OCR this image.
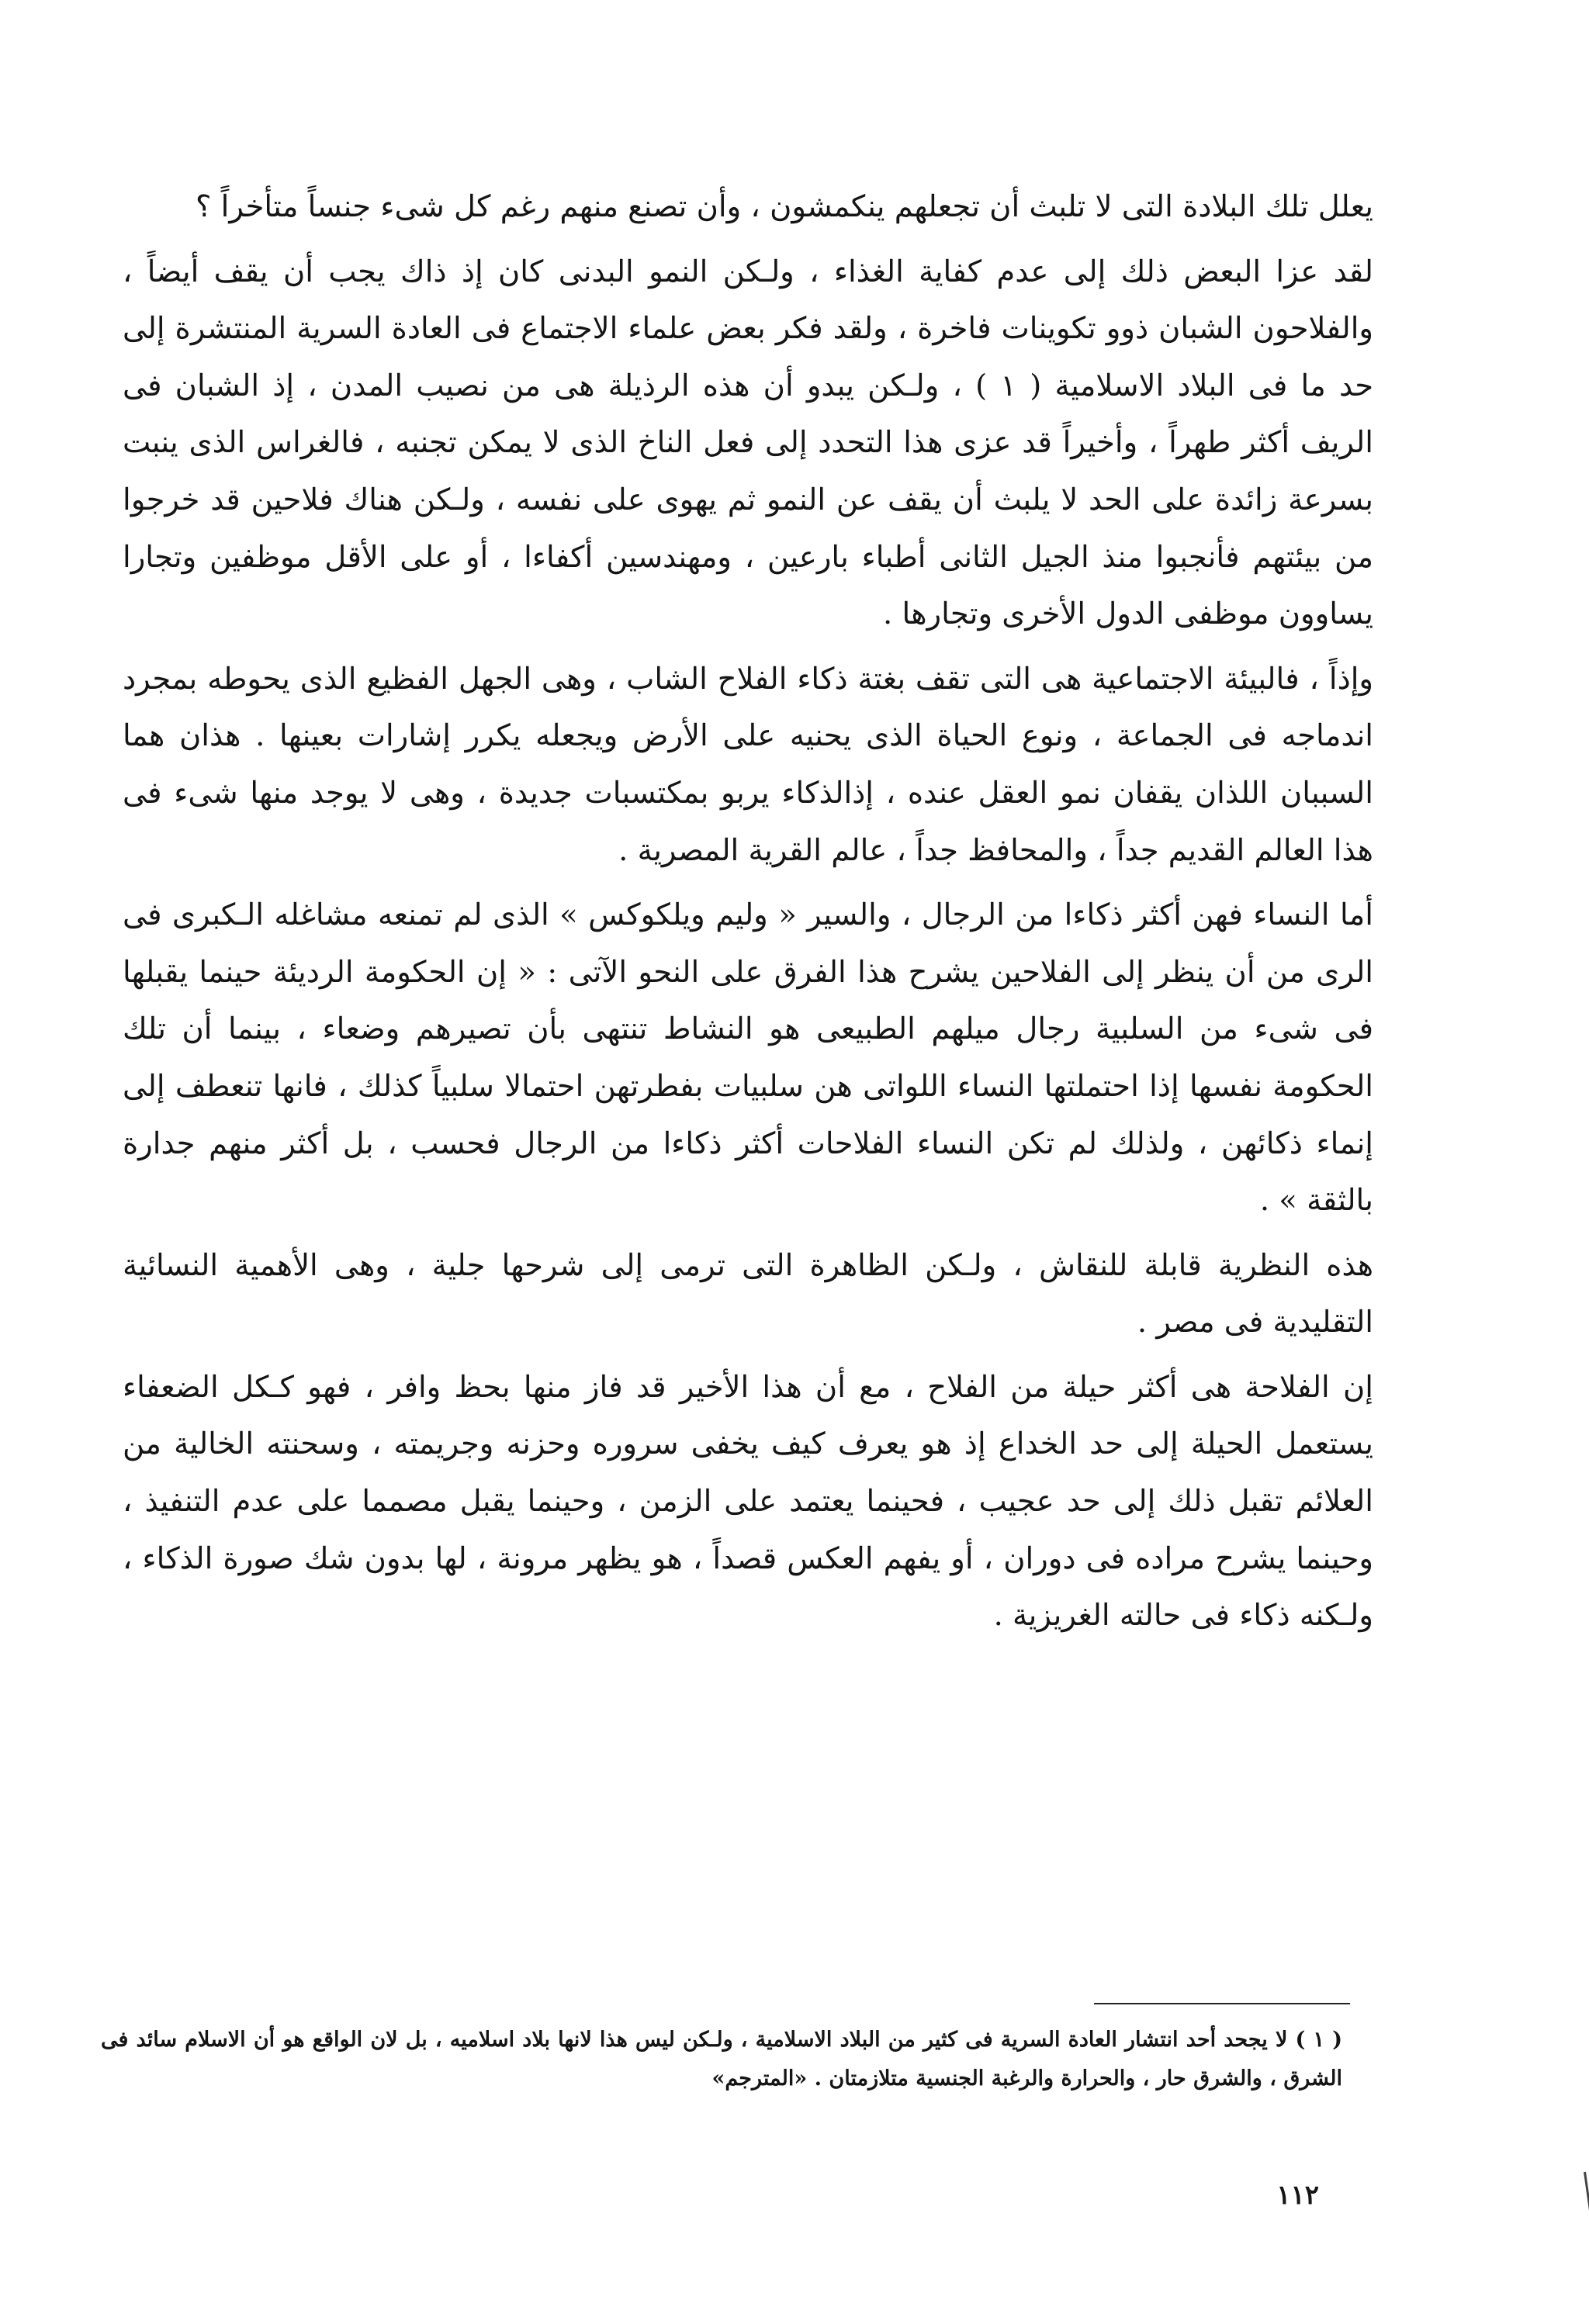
يعلل تلك البلادة التى لا تلبث أن تجعلهم ينكمشون ، وأن تصنع منهم رغم كل شىء جنساً متأخراً ؟

لقد عزا البعض ذلك إلى عدم كفاية الغذاء ، ولـكن النمو البدنى كان إذ ذاك يجب أن يقف أيضاً ، والفلاحون الشبان ذوو تكوينات فاخرة ، ولقد فكر بعض علماء الاجتماع فى العادة السرية المنتشرة إلى حد ما فى البلاد الاسلامية ( ١ ) ، ولـكن يبدو أن هذه الرذيلة هى من نصيب المدن ، إذ الشبان فى الريف أكثر طهراً ، وأخيراً قد عزى هذا التحدد إلى فعل الناخ الذى لا يمكن تجنبه ، فالغراس الذى ينبت بسرعة زائدة على الحد لا يلبث أن يقف عن النمو ثم يهوى على نفسه ، ولـكن هناك فلاحين قد خرجوا من بيئتهم فأنجبوا منذ الجيل الثانى أطباء بارعين ، ومهندسين أكفاءا ، أو على الأقل موظفين وتجارا يساوون موظفى الدول الأخرى وتجارها .

وإذاً ، فالبيئة الاجتماعية هى التى تقف بغتة ذكاء الفلاح الشاب ، وهى الجهل الفظيع الذى يحوطه بمجرد اندماجه فى الجماعة ، ونوع الحياة الذى يحنيه على الأرض ويجعله يكرر إشارات بعينها . هذان هما السببان اللذان يقفان نمو العقل عنده ، إذالذكاء يربو بمكتسبات جديدة ، وهى لا يوجد منها شىء فى هذا العالم القديم جداً ، والمحافظ جداً ، عالم القرية المصرية .

أما النساء فهن أكثر ذكاءا من الرجال ، والسير « وليم ويلكوكس » الذى لم تمنعه مشاغله الـكبرى فى الرى من أن ينظر إلى الفلاحين يشرح هذا الفرق على النحو الآتى : « إن الحكومة الرديئة حينما يقبلها فى شىء من السلبية رجال ميلهم الطبيعى هو النشاط تنتهى بأن تصيرهم وضعاء ، بينما أن تلك الحكومة نفسها إذا احتملتها النساء اللواتى هن سلبيات بفطرتهن احتمالا سلبياً كذلك ، فانها تنعطف إلى إنماء ذكائهن ، ولذلك لم تكن النساء الفلاحات أكثر ذكاءا من الرجال فحسب ، بل أكثر منهم جدارة بالثقة » .

هذه النظرية قابلة للنقاش ، ولـكن الظاهرة التى ترمى إلى شرحها جلية ، وهى الأهمية النسائية التقليدية فى مصر .

إن الفلاحة هى أكثر حيلة من الفلاح ، مع أن هذا الأخير قد فاز منها بحظ وافر ، فهو كـكل الضعفاء يستعمل الحيلة إلى حد الخداع إذ هو يعرف كيف يخفى سروره وحزنه وجريمته ، وسحنته الخالية من العلائم تقبل ذلك إلى حد عجيب ، فحينما يعتمد على الزمن ، وحينما يقبل مصمما على عدم التنفيذ ، وحينما يشرح مراده فى دوران ، أو يفهم العكس قصداً ، هو يظهر مرونة ، لها بدون شك صورة الذكاء ، ولـكنه ذكاء فى حالته الغريزية .

( ١ ) لا يجحد أحد انتشار العادة السرية فى كثير من البلاد الاسلامية ، ولـكن ليس هذا لانها بلاد اسلاميه ، بل لان الواقع هو أن الاسلام سائد فى الشرق ، والشرق حار ، والحرارة والرغبة الجنسية متلازمتان . «المترجم»

١١٢
